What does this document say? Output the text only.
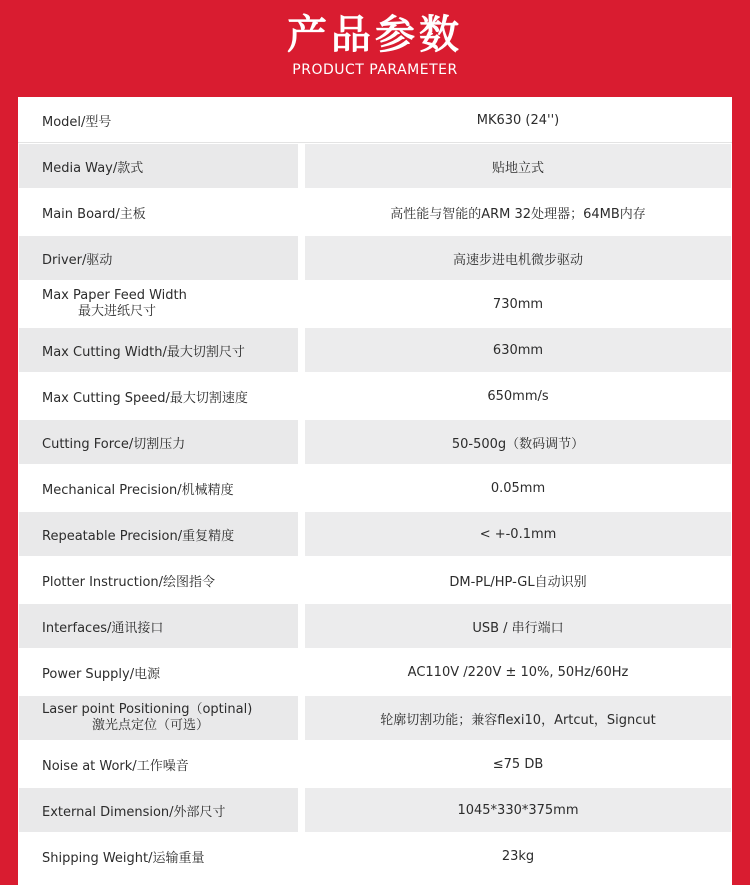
产品参数
PRODUCT PARAMETER
Model/型号	MK630 (24'')
Media Way/款式	贴地立式
Main Board/主板	高性能与智能的ARM 32处理器；64MB内存
Driver/驱动	高速步进电机微步驱动
Max Paper Feed Width
最大进纸尺寸	730mm
Max Cutting Width/最大切割尺寸	630mm
Max Cutting Speed/最大切割速度	650mm/s
Cutting Force/切割压力	50-500g（数码调节）
Mechanical Precision/机械精度	0.05mm
Repeatable Precision/重复精度	< +-0.1mm
Plotter Instruction/绘图指令	DM-PL/HP-GL自动识别
Interfaces/通讯接口	USB / 串行端口
Power Supply/电源	AC110V /220V ± 10%, 50Hz/60Hz
Laser point Positioning（optinal)
激光点定位（可选）	轮廓切割功能；兼容flexi10，Artcut，Signcut
Noise at Work/工作噪音	≤75 DB
External Dimension/外部尺寸	1045*330*375mm
Shipping Weight/运输重量	23kg
